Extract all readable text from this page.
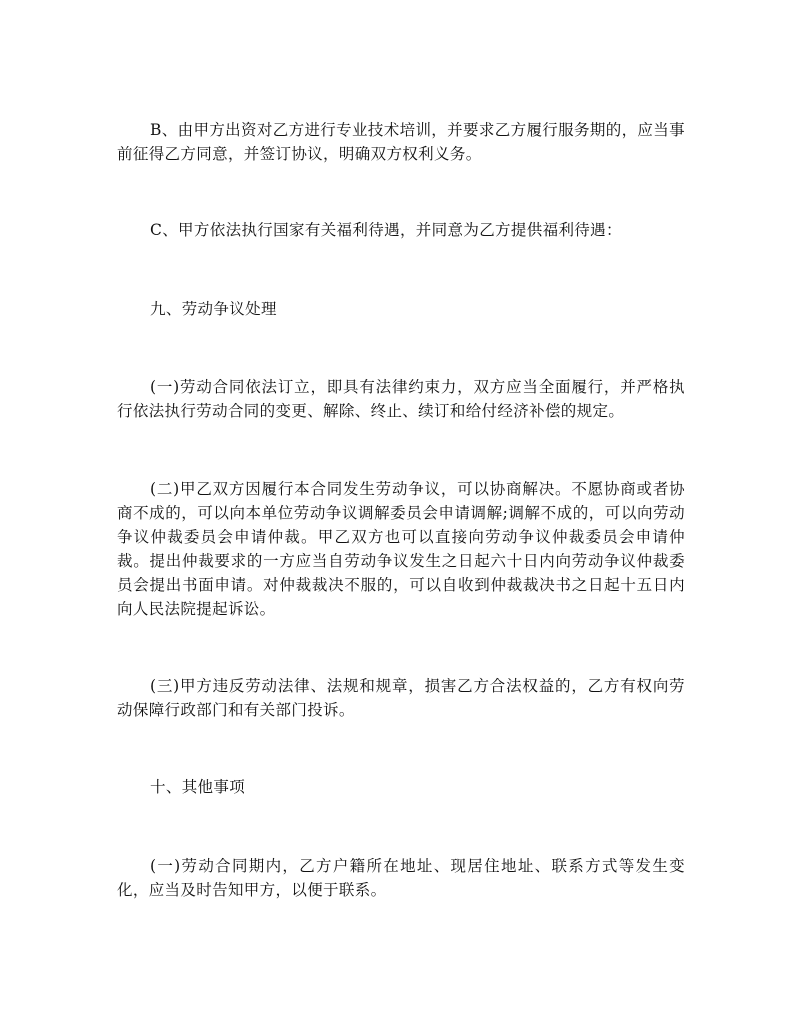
B、由甲方出资对乙方进行专业技术培训，并要求乙方履行服务期的，应当事前征得乙方同意，并签订协议，明确双方权利义务。

C、甲方依法执行国家有关福利待遇，并同意为乙方提供福利待遇：

九、劳动争议处理

(一)劳动合同依法订立，即具有法律约束力，双方应当全面履行，并严格执行依法执行劳动合同的变更、解除、终止、续订和给付经济补偿的规定。

(二)甲乙双方因履行本合同发生劳动争议，可以协商解决。不愿协商或者协商不成的，可以向本单位劳动争议调解委员会申请调解;调解不成的，可以向劳动争议仲裁委员会申请仲裁。甲乙双方也可以直接向劳动争议仲裁委员会申请仲裁。提出仲裁要求的一方应当自劳动争议发生之日起六十日内向劳动争议仲裁委员会提出书面申请。对仲裁裁决不服的，可以自收到仲裁裁决书之日起十五日内向人民法院提起诉讼。

(三)甲方违反劳动法律、法规和规章，损害乙方合法权益的，乙方有权向劳动保障行政部门和有关部门投诉。

十、其他事项

(一)劳动合同期内，乙方户籍所在地址、现居住地址、联系方式等发生变化，应当及时告知甲方，以便于联系。
